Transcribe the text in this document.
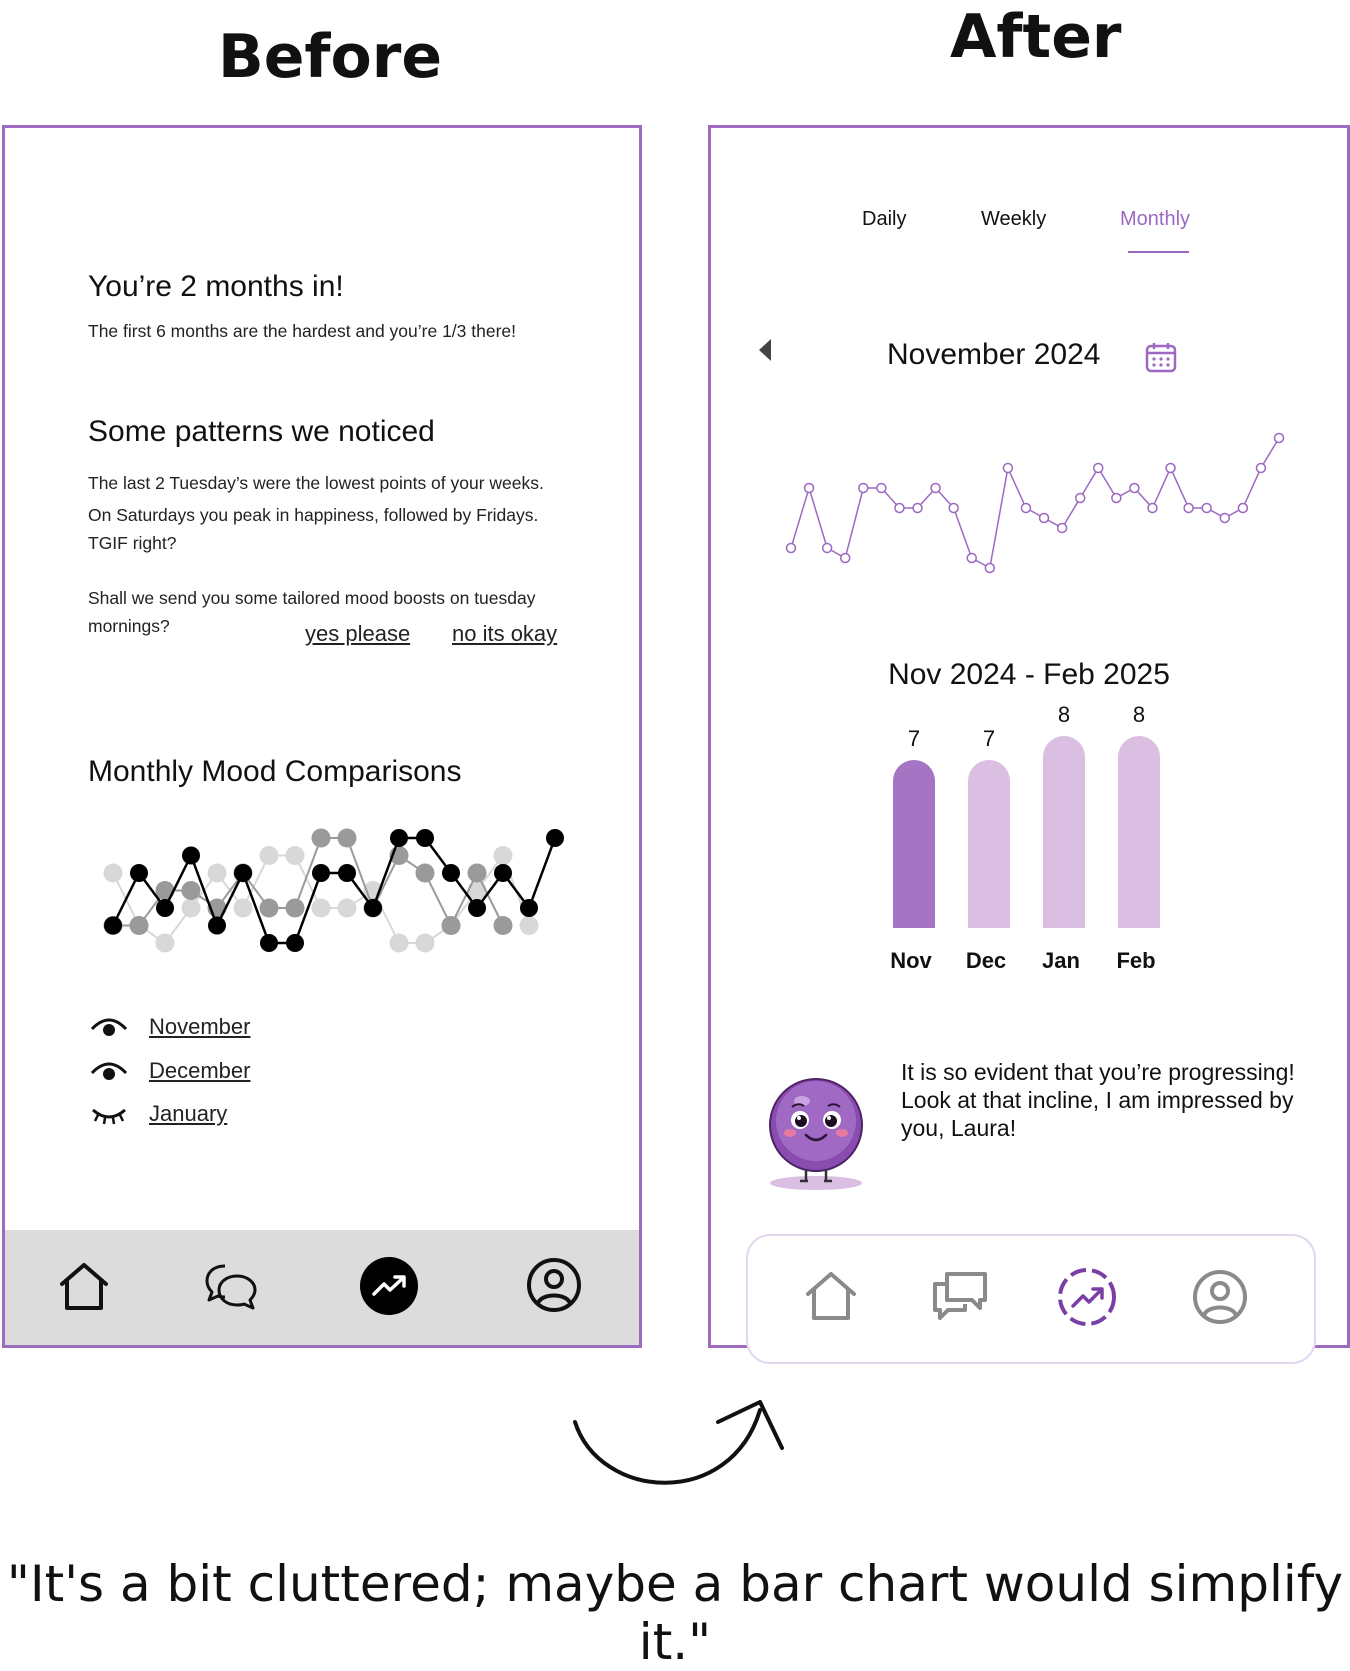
Before	After
You’re 2 months in!
The first 6 months are the hardest and you’re 1/3 there!
Some patterns we noticed
The last 2 Tuesday’s were the lowest points of your weeks.
On Saturdays you peak in happiness, followed by Fridays.
TGIF right?
Shall we send you some tailored mood boosts on tuesday
mornings?	yes please no its okay
Monthly Mood Comparisons
November
December
January
Daily	Weekly	Monthly
November 2024
Nov 2024 - Feb 2025
7
Nov
7
Dec
8
Jan
8
Feb
It is so evident that you’re progressing! Look at that incline, I am impressed by you, Laura!
"It's a bit cluttered; maybe a bar chart would simplify it."
